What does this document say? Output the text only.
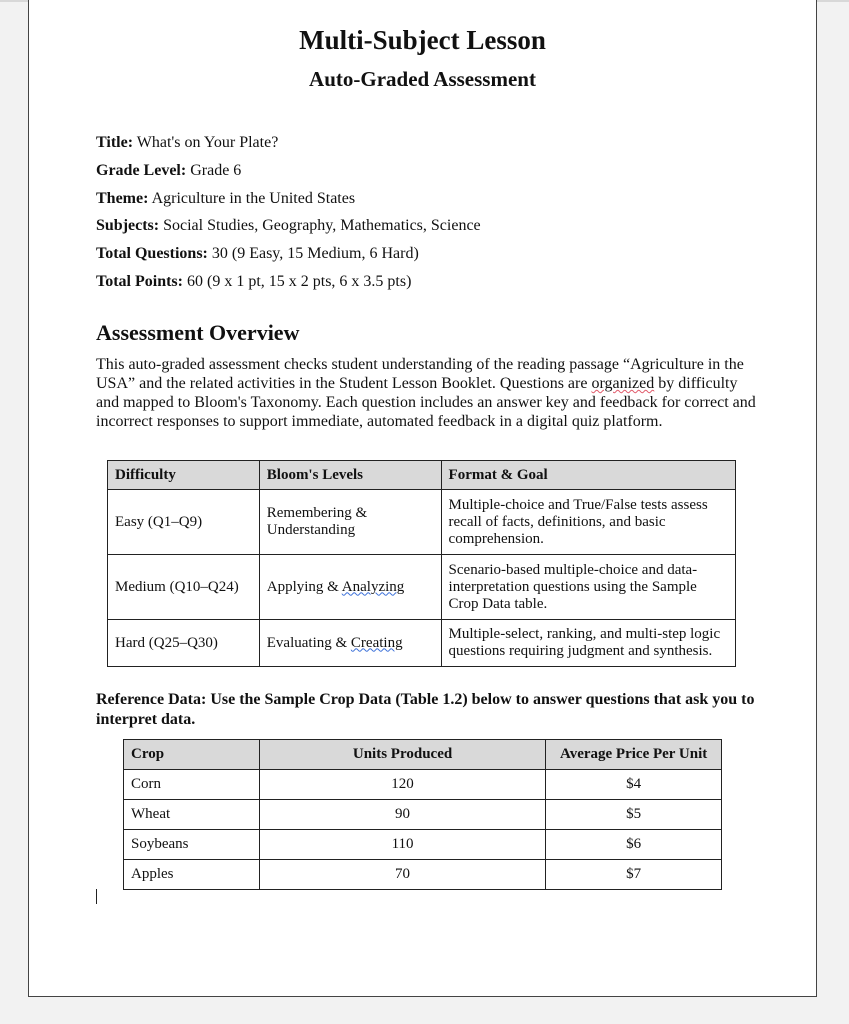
Multi-Subject Lesson
Auto-Graded Assessment
Title: What's on Your Plate?
Grade Level: Grade 6
Theme: Agriculture in the United States
Subjects: Social Studies, Geography, Mathematics, Science
Total Questions: 30 (9 Easy, 15 Medium, 6 Hard)
Total Points: 60 (9 x 1 pt, 15 x 2 pts, 6 x 3.5 pts)
Assessment Overview
This auto-graded assessment checks student understanding of the reading passage “Agriculture in the USA” and the related activities in the Student Lesson Booklet. Questions are organized by difficulty and mapped to Bloom's Taxonomy. Each question includes an answer key and feedback for correct and incorrect responses to support immediate, automated feedback in a digital quiz platform.
Difficulty	Bloom's Levels	Format & Goal
Easy (Q1–Q9)	Remembering & Understanding	Multiple-choice and True/False tests assess recall of facts, definitions, and basic comprehension.
Medium (Q10–Q24)	Applying & Analyzing	Scenario-based multiple-choice and data-interpretation questions using the Sample Crop Data table.
Hard (Q25–Q30)	Evaluating & Creating	Multiple-select, ranking, and multi-step logic questions requiring judgment and synthesis.
Reference Data: Use the Sample Crop Data (Table 1.2) below to answer questions that ask you to interpret data.
Crop	Units Produced	Average Price Per Unit
Corn	120	$4
Wheat	90	$5
Soybeans	110	$6
Apples	70	$7
